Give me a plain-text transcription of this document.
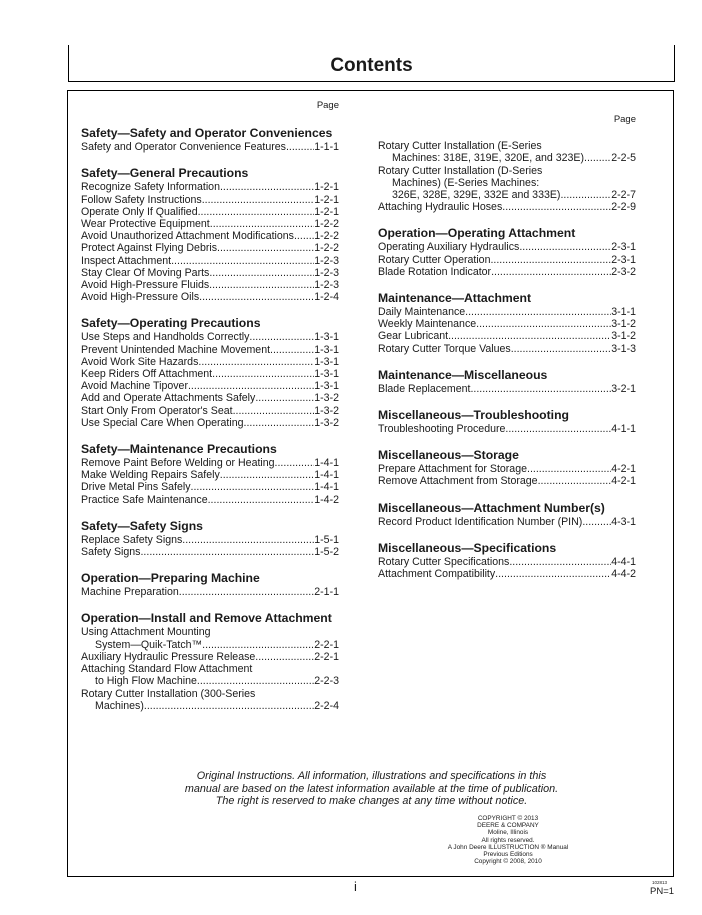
Contents
Page
Safety—Safety and Operator Conveniences
Safety and Operator Convenience Features .....	1-1-1
Safety—General Precautions
Recognize Safety Information .....	1-2-1
Follow Safety Instructions .....	1-2-1
Operate Only If Qualified .....	1-2-1
Wear Protective Equipment .....	1-2-2
Avoid Unauthorized Attachment Modifications ..... 1-2-2
Protect Against Flying Debris .....	1-2-2
Inspect Attachment .....	1-2-3
Stay Clear Of Moving Parts .....	1-2-3
Avoid High-Pressure Fluids .....	1-2-3
Avoid High-Pressure Oils .....	1-2-4
Safety—Operating Precautions
Use Steps and Handholds Correctly .....	1-3-1
Prevent Unintended Machine Movement .....	1-3-1
Avoid Work Site Hazards .....	1-3-1
Keep Riders Off Attachment .....	1-3-1
Avoid Machine Tipover .....	1-3-1
Add and Operate Attachments Safely .....	1-3-2
Start Only From Operator's Seat .....	1-3-2
Use Special Care When Operating .....	1-3-2
Safety—Maintenance Precautions
Remove Paint Before Welding or Heating .....	1-4-1
Make Welding Repairs Safely .....	1-4-1
Drive Metal Pins Safely .....	1-4-1
Practice Safe Maintenance .....	1-4-2
Safety—Safety Signs
Replace Safety Signs .....	1-5-1
Safety Signs .....	1-5-2
Operation—Preparing Machine
Machine Preparation .....	2-1-1
Operation—Install and Remove Attachment
Using Attachment Mounting
System—Quik-Tatch™ .....	2-2-1
Auxiliary Hydraulic Pressure Release .....	2-2-1
Attaching Standard Flow Attachment
to High Flow Machine .....	2-2-3
Rotary Cutter Installation (300-Series
Machines) .....	2-2-4
Page
Rotary Cutter Installation (E-Series
Machines: 318E, 319E, 320E, and 323E) .....	2-2-5
Rotary Cutter Installation (D-Series
Machines) (E-Series Machines:
326E, 328E, 329E, 332E and 333E) .....	2-2-7
Attaching Hydraulic Hoses .....	2-2-9
Operation—Operating Attachment
Operating Auxiliary Hydraulics .....	2-3-1
Rotary Cutter Operation .....	2-3-1
Blade Rotation Indicator .....	2-3-2
Maintenance—Attachment
Daily Maintenance .....	3-1-1
Weekly Maintenance .....	3-1-2
Gear Lubricant .....	3-1-2
Rotary Cutter Torque Values .....	3-1-3
Maintenance—Miscellaneous
Blade Replacement .....	3-2-1
Miscellaneous—Troubleshooting
Troubleshooting Procedure .....	4-1-1
Miscellaneous—Storage
Prepare Attachment for Storage .....	4-2-1
Remove Attachment from Storage .....	4-2-1
Miscellaneous—Attachment Number(s)
Record Product Identification Number (PIN) .....	4-3-1
Miscellaneous—Specifications
Rotary Cutter Specifications .....	4-4-1
Attachment Compatibility .....	4-4-2
Original Instructions. All information, illustrations and specifications in this
manual are based on the latest information available at the time of publication.
The right is reserved to make changes at any time without notice.
COPYRIGHT © 2013
DEERE & COMPANY
Moline, Illinois
All rights reserved.
A John Deere ILLUSTRUCTION ® Manual
Previous Editions
Copyright © 2008, 2010
i	102813
PN=1
